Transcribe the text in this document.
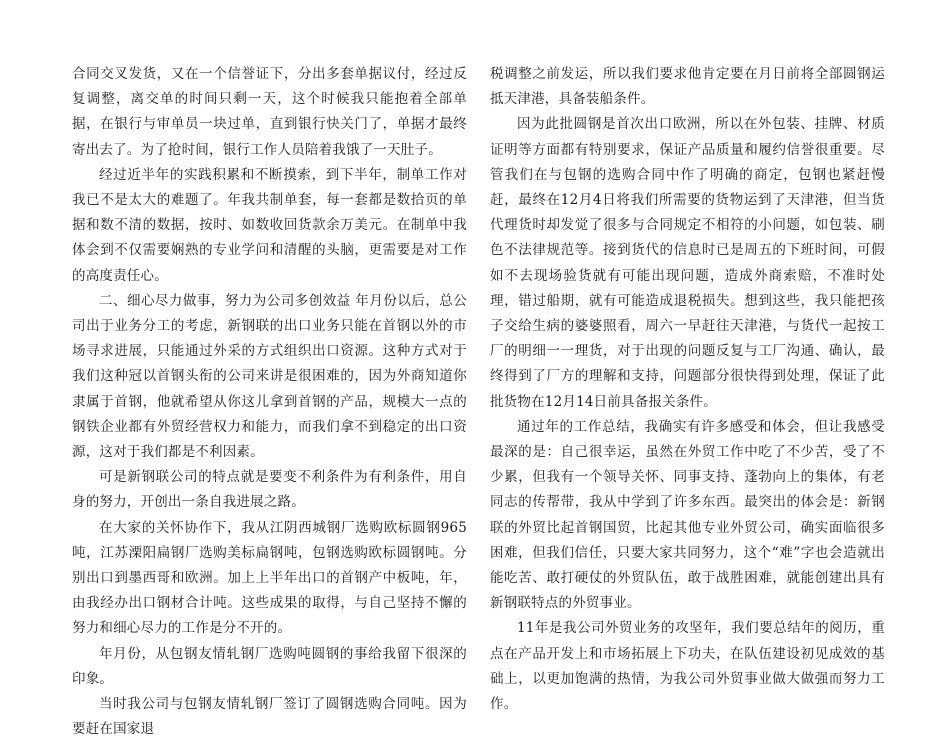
合同交叉发货，又在一个信誉证下，分出多套单据议付，经过反复调整，离交单的时间只剩一天，这个时候我只能抱着全部单据，在银行与审单员一块过单，直到银行快关门了，单据才最终寄出去了。为了抢时间，银行工作人员陪着我饿了一天肚子。

经过近半年的实践积累和不断摸索，到下半年，制单工作对我已不是太大的难题了。年我共制单套，每一套都是数拾页的单据和数不清的数据，按时、如数收回货款余万美元。在制单中我体会到不仅需要娴熟的专业学问和清醒的头脑，更需要是对工作的高度责任心。

二、细心尽力做事，努力为公司多创效益 年月份以后，总公司出于业务分工的考虑，新钢联的出口业务只能在首钢以外的市场寻求进展，只能通过外采的方式组织出口资源。这种方式对于我们这种冠以首钢头衔的公司来讲是很困难的，因为外商知道你隶属于首钢，他就希望从你这儿拿到首钢的产品，规模大一点的钢铁企业都有外贸经营权力和能力，而我们拿不到稳定的出口资源，这对于我们都是不利因素。

可是新钢联公司的特点就是要变不利条件为有利条件，用自身的努力，开创出一条自我进展之路。

在大家的关怀协作下，我从江阴西城钢厂选购欧标圆钢965吨，江苏溧阳扁钢厂选购美标扁钢吨，包钢选购欧标圆钢吨。分别出口到墨西哥和欧洲。加上上半年出口的首钢产中板吨，年，由我经办出口钢材合计吨。这些成果的取得，与自己坚持不懈的努力和细心尽力的工作是分不开的。

年月份，从包钢友情轧钢厂选购吨圆钢的事给我留下很深的印象。

当时我公司与包钢友情轧钢厂签订了圆钢选购合同吨。因为要赶在国家退

税调整之前发运，所以我们要求他肯定要在月日前将全部圆钢运抵天津港，具备装船条件。

因为此批圆钢是首次出口欧洲，所以在外包装、挂牌、材质证明等方面都有特别要求，保证产品质量和履约信誉很重要。尽管我们在与包钢的选购合同中作了明确的商定，包钢也紧赶慢赶，最终在12月4日将我们所需要的货物运到了天津港，但当货代理货时却发觉了很多与合同规定不相符的小问题，如包装、刷色不法律规范等。接到货代的信息时已是周五的下班时间，可假如不去现场验货就有可能出现问题，造成外商索赔，不准时处理，错过船期，就有可能造成退税损失。想到这些，我只能把孩子交给生病的婆婆照看，周六一早赶往天津港，与货代一起按工厂的明细一一理货，对于出现的问题反复与工厂沟通、确认，最终得到了厂方的理解和支持，问题部分很快得到处理，保证了此批货物在12月14日前具备报关条件。

通过年的工作总结，我确实有许多感受和体会，但让我感受最深的是：自己很幸运，虽然在外贸工作中吃了不少苦，受了不少累，但我有一个领导关怀、同事支持、蓬勃向上的集体，有老同志的传帮带，我从中学到了许多东西。最突出的体会是：新钢联的外贸比起首钢国贸，比起其他专业外贸公司，确实面临很多困难，但我们信任，只要大家共同努力，这个“难”字也会造就出能吃苦、敢打硬仗的外贸队伍，敢于战胜困难，就能创建出具有新钢联特点的外贸事业。

11年是我公司外贸业务的攻坚年，我们要总结年的阅历，重点在产品开发上和市场拓展上下功夫，在队伍建设初见成效的基础上，以更加饱满的热情，为我公司外贸事业做大做强而努力工作。
